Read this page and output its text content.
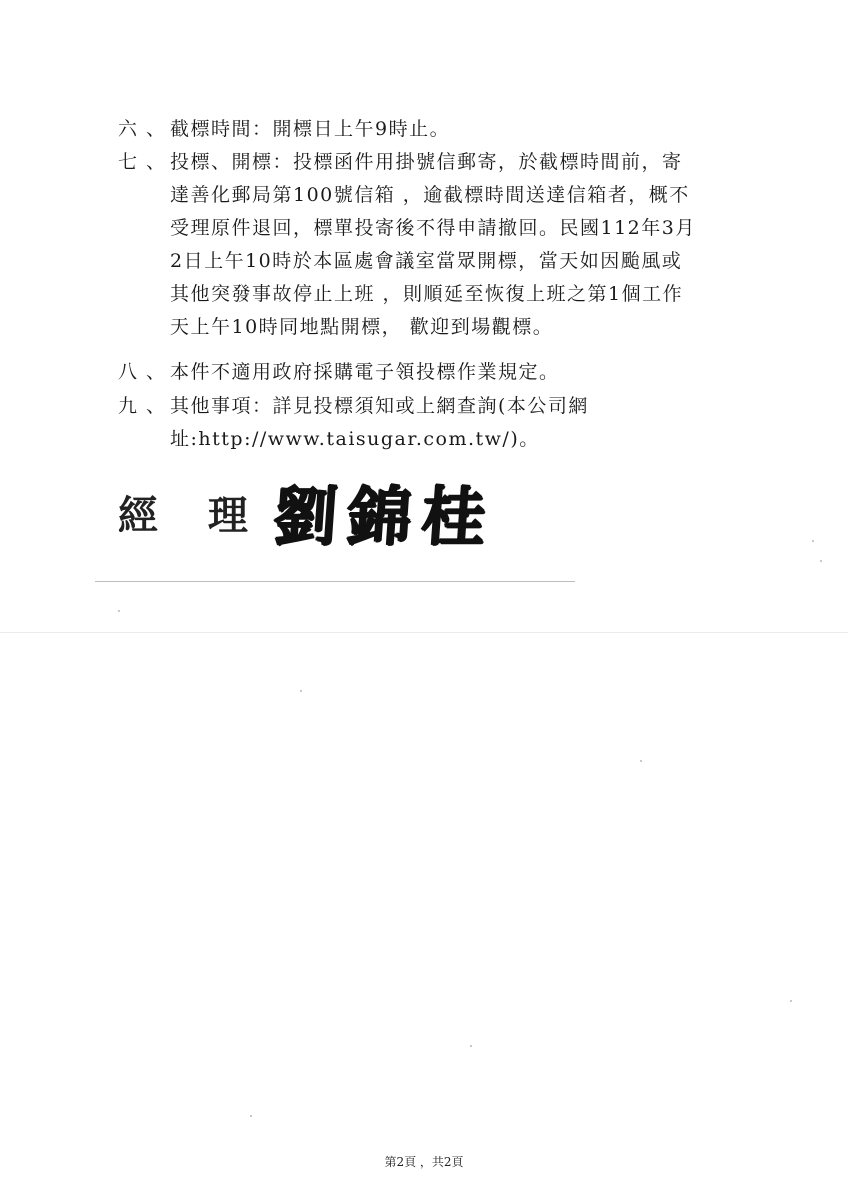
六 、 截標時間：開標日上午9時止。
七 、 投標、開標：投標函件用掛號信郵寄，於截標時間前，寄
達善化郵局第100號信箱 ，逾截標時間送達信箱者，概不
受理原件退回，標單投寄後不得申請撤回。民國112年3月
2日上午10時於本區處會議室當眾開標，當天如因颱風或
其他突發事故停止上班 ，則順延至恢復上班之第1個工作
天上午10時同地點開標， 歡迎到場觀標。
八 、 本件不適用政府採購電子領投標作業規定。
九 、 其他事項：詳見投標須知或上網查詢(本公司網
址:http://www.taisugar.com.tw/)。
經 理 劉錦桂
第2頁 ，共2頁
